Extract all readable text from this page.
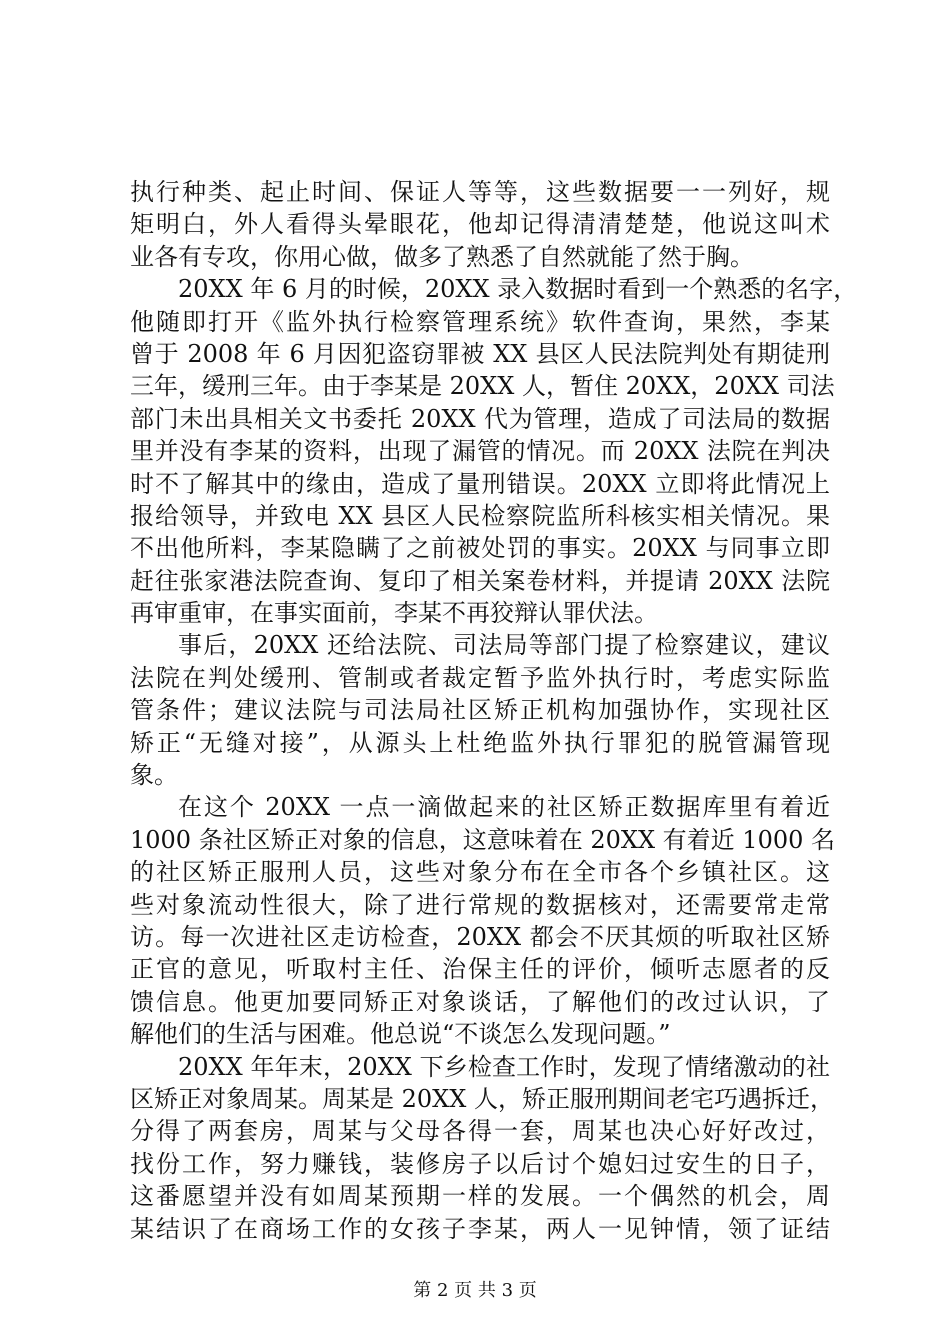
执行种类、起止时间、保证人等等，这些数据要一一列好，规
矩明白，外人看得头晕眼花，他却记得清清楚楚，他说这叫术
业各有专攻，你用心做，做多了熟悉了自然就能了然于胸。
20XX 年 6 月的时候，20XX 录入数据时看到一个熟悉的名字，
他随即打开《监外执行检察管理系统》软件查询，果然，李某
曾于 2008 年 6 月因犯盗窃罪被 XX 县区人民法院判处有期徒刑
三年，缓刑三年。由于李某是 20XX 人，暂住 20XX，20XX 司法
部门未出具相关文书委托 20XX 代为管理，造成了司法局的数据
里并没有李某的资料，出现了漏管的情况。而 20XX 法院在判决
时不了解其中的缘由，造成了量刑错误。20XX 立即将此情况上
报给领导，并致电 XX 县区人民检察院监所科核实相关情况。果
不出他所料，李某隐瞒了之前被处罚的事实。20XX 与同事立即
赶往张家港法院查询、复印了相关案卷材料，并提请 20XX 法院
再审重审，在事实面前，李某不再狡辩认罪伏法。
事后，20XX 还给法院、司法局等部门提了检察建议，建议
法院在判处缓刑、管制或者裁定暂予监外执行时，考虑实际监
管条件；建议法院与司法局社区矫正机构加强协作，实现社区
矫正“无缝对接”，从源头上杜绝监外执行罪犯的脱管漏管现
象。
在这个 20XX 一点一滴做起来的社区矫正数据库里有着近
1000 条社区矫正对象的信息，这意味着在 20XX 有着近 1000 名
的社区矫正服刑人员，这些对象分布在全市各个乡镇社区。这
些对象流动性很大，除了进行常规的数据核对，还需要常走常
访。每一次进社区走访检查，20XX 都会不厌其烦的听取社区矫
正官的意见，听取村主任、治保主任的评价，倾听志愿者的反
馈信息。他更加要同矫正对象谈话，了解他们的改过认识，了
解他们的生活与困难。他总说“不谈怎么发现问题。”
20XX 年年末，20XX 下乡检查工作时，发现了情绪激动的社
区矫正对象周某。周某是 20XX 人，矫正服刑期间老宅巧遇拆迁，
分得了两套房，周某与父母各得一套，周某也决心好好改过，
找份工作，努力赚钱，装修房子以后讨个媳妇过安生的日子，
这番愿望并没有如周某预期一样的发展。一个偶然的机会，周
某结识了在商场工作的女孩子李某，两人一见钟情，领了证结
第 2 页 共 3 页
